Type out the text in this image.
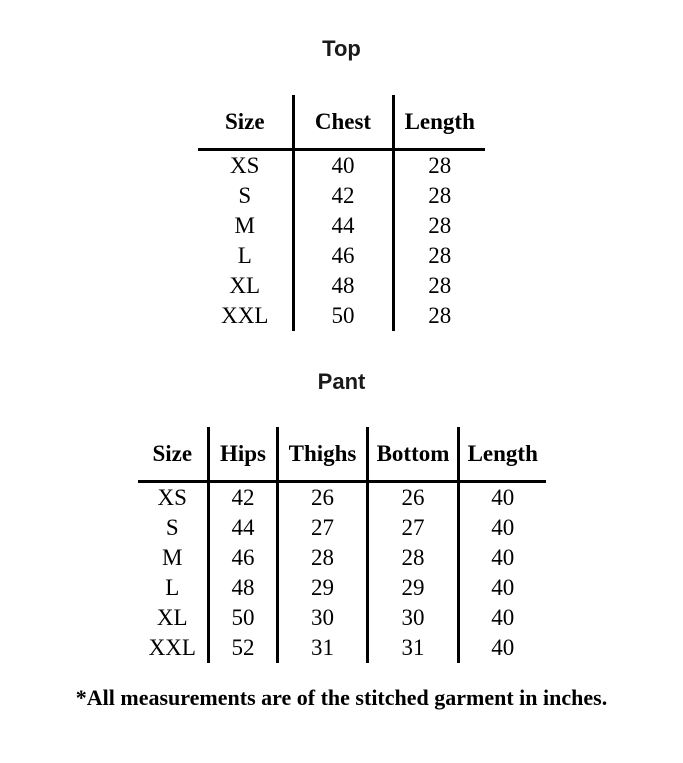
Top
Size	Chest	Length
XS	40	28
S	42	28
M	44	28
L	46	28
XL	48	28
XXL	50	28
Pant
Size	Hips	Thighs	Bottom	Length
XS	42	26	26	40
S	44	27	27	40
M	46	28	28	40
L	48	29	29	40
XL	50	30	30	40
XXL	52	31	31	40

*All measurements are of the stitched garment in inches.
